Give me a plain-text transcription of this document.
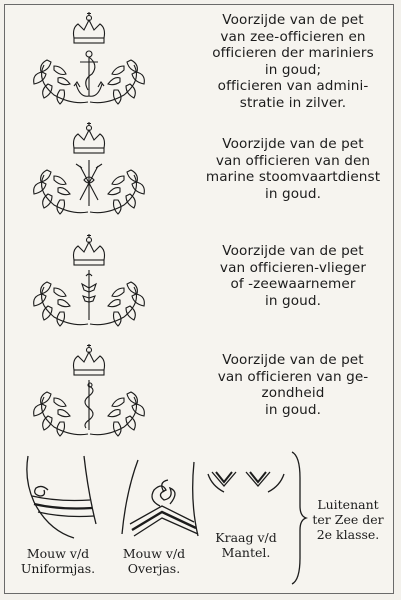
Voorzijde van de pet
van zee-officieren en
officieren der mariniers
in goud;
officieren van admini-
stratie in zilver.
Voorzijde van de pet
van officieren van den
marine stoomvaartdienst
in goud.
Voorzijde van de pet
van officieren-vlieger
of -zeewaarnemer
in goud.
Voorzijde van de pet
van officieren van ge-
zondheid
in goud.
Mouw v/d
Uniformjas.
Mouw v/d
Overjas.
Kraag v/d
Mantel.
Luitenant
ter Zee der
2e klasse.
